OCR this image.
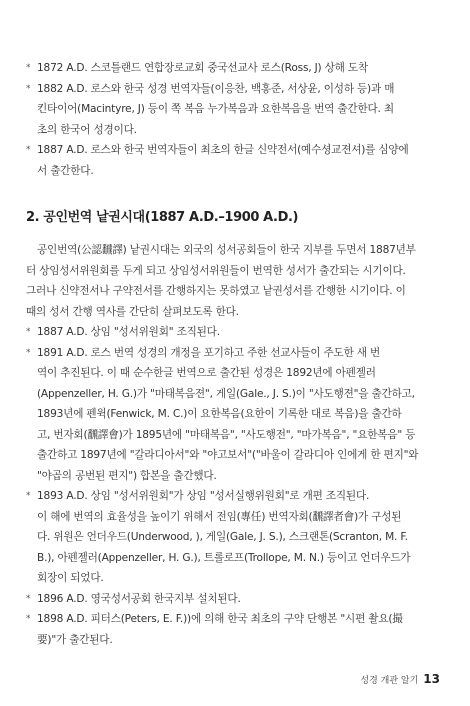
* 1872 A.D. 스코틀랜드 연합장로교회 중국선교사 로스(Ross, J) 상해 도착
* 1882 A.D. 로스와 한국 성경 번역자들(이응찬, 백홍준, 서상윤, 이성하 등)과 매
킨타이어(Macintyre, J) 등이 쪽 복음 누가복음과 요한복음을 번역 출간한다. 최
초의 한국어 성경이다.
* 1887 A.D. 로스와 한국 번역자들이 최초의 한글 신약전서(예수셩교젼셔)를 심양에
서 출간한다.
2. 공인번역 낱권시대(1887 A.D.–1900 A.D.)
공인번역(公認飜譯) 낱권시대는 외국의 성서공회들이 한국 지부를 두면서 1887년부
터 상임성서위원회를 두게 되고 상임성서위원들이 번역한 성서가 출간되는 시기이다.
그러나 신약전서나 구약전서를 간행하지는 못하였고 낱권성서를 간행한 시기이다. 이
때의 성서 간행 역사를 간단히 살펴보도록 한다.
* 1887 A.D. 상임 "성서위원회" 조직된다.
* 1891 A.D. 로스 번역 성경의 개정을 포기하고 주한 선교사들이 주도한 새 번
역이 추진된다. 이 때 순수한글 번역으로 출간된 성경은 1892년에 아펜젤러
(Appenzeller, H. G.)가 "마태복음젼", 게일(Gale., J. S.)이 "사도행젼"을 출간하고,
1893년에 펜윅(Fenwick, M. C.)이 요한복음(요한이 기록한 대로 복음)을 출간하
고, 번자회(飜譯會)가 1895년에 "마태복음", "사도행전", "마가복음", "요한복음" 등
출간하고 1897년에 "갈라디아서"와 "야고보서"("바울이 갈라디아 인에게 한 편지"와
"야곱의 공번된 편지") 합본을 출간했다.
* 1893 A.D. 상임 "성서위원회"가 상임 "성서실행위원회"로 개편 조직된다.
이 해에 번역의 효율성을 높이기 위해서 전임(專任) 번역자회(飜譯者會)가 구성된
다. 위원은 언더우드(Underwood, ), 게일(Gale, J. S.), 스크랜톤(Scranton, M. F.
B.), 아펜젤러(Appenzeller, H. G.), 트롤로프(Trollope, M. N.) 등이고 언더우드가
회장이 되었다.
* 1896 A.D. 영국성서공회 한국지부 설치된다.
* 1898 A.D. 피터스(Peters, E. F.))에 의해 한국 최초의 구약 단행본 "시편 촬요(撮
要)"가 출간된다.
성경 개관 알기 13
